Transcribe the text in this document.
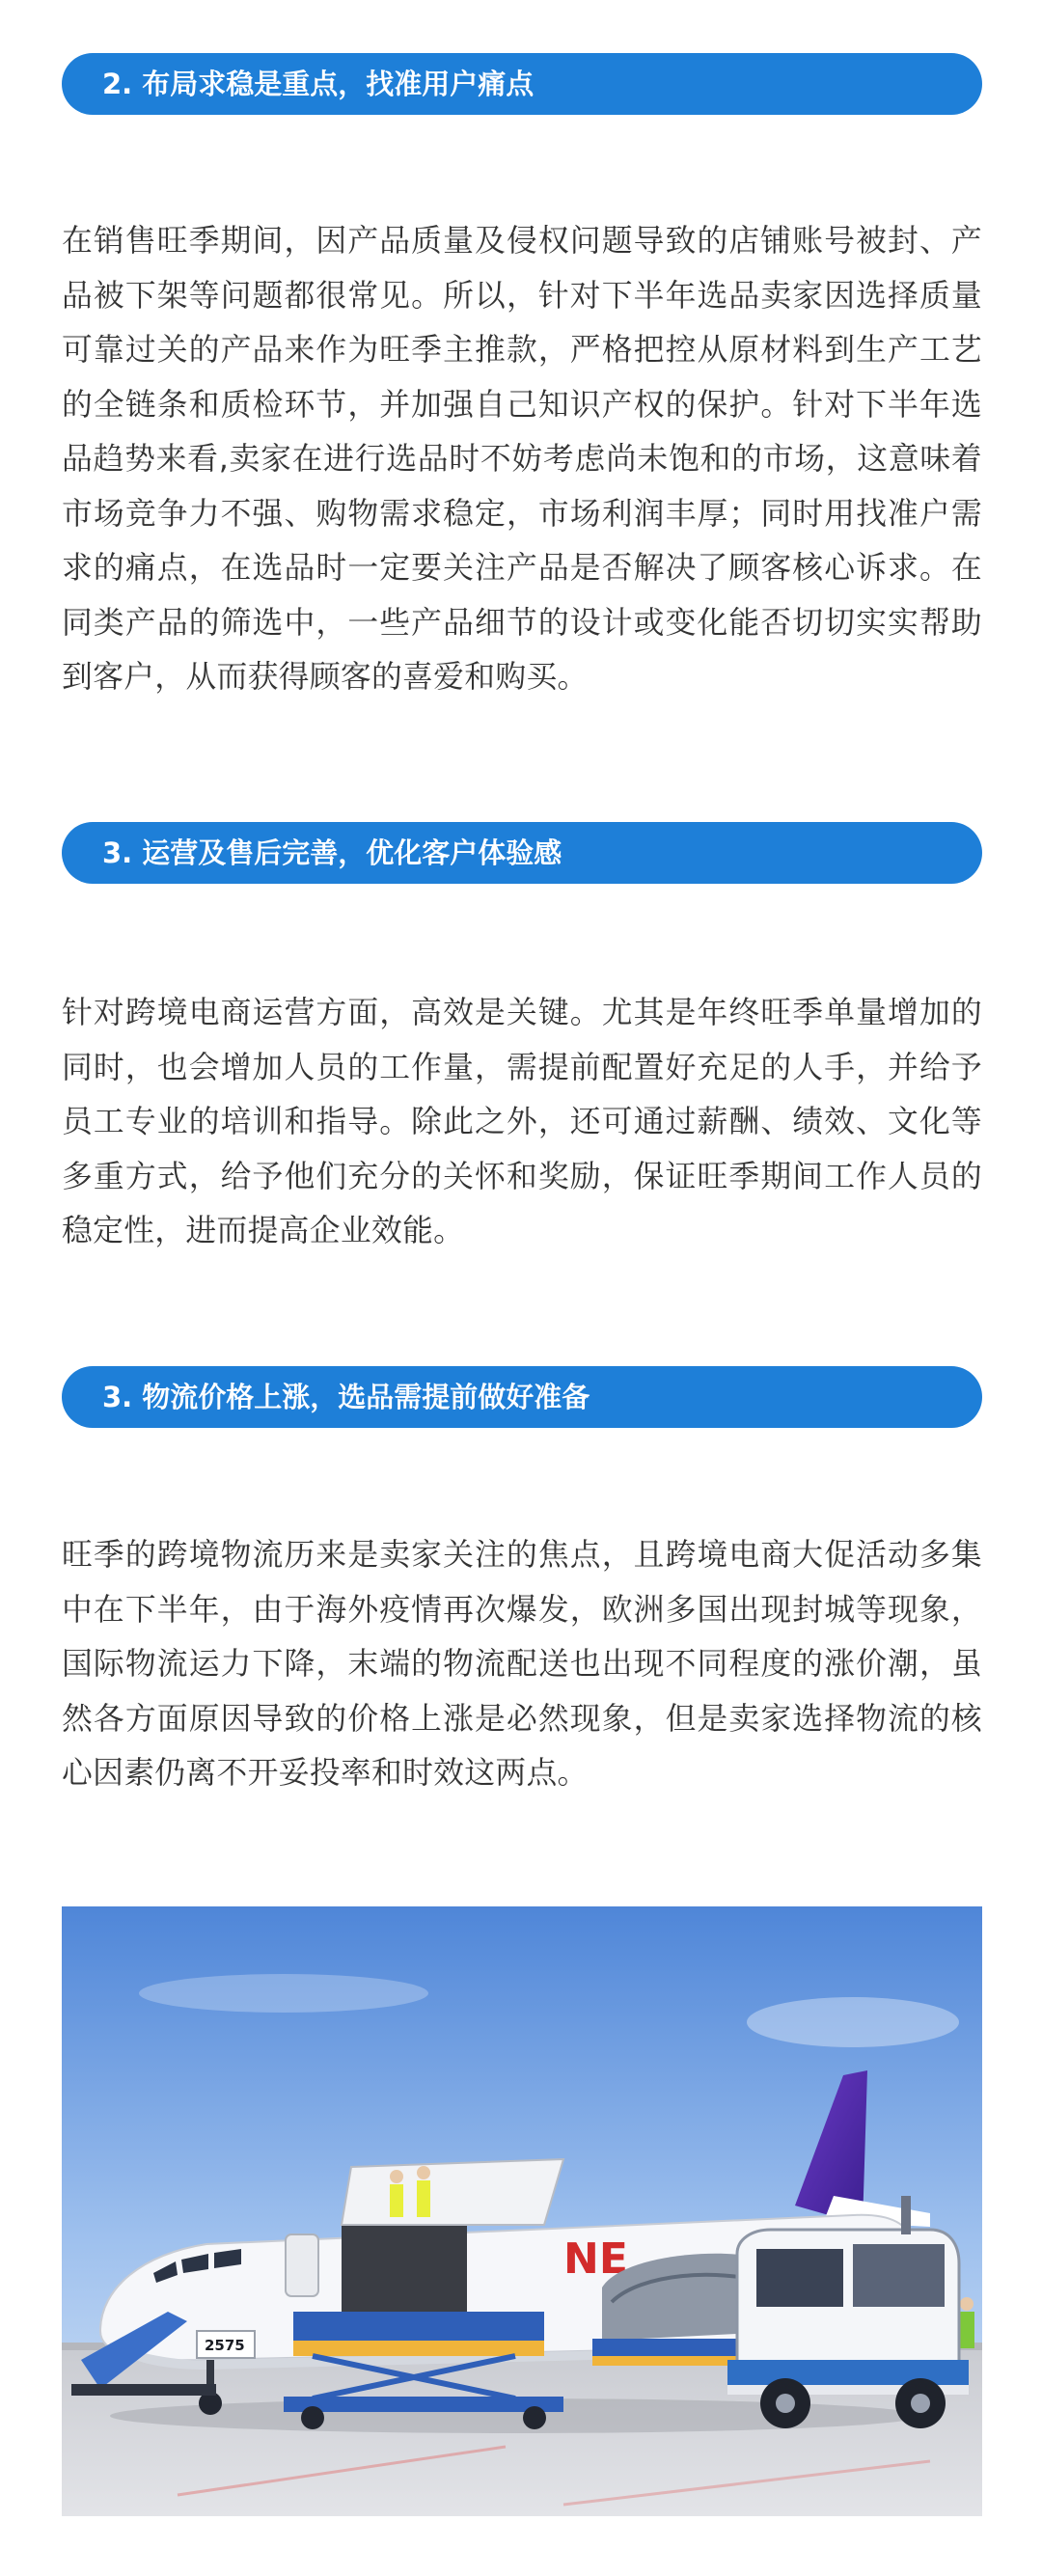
2. 布局求稳是重点，找准用户痛点

在销售旺季期间，因产品质量及侵权问题导致的店铺账号被封、产品被下架等问题都很常见。所以，针对下半年选品卖家因选择质量可靠过关的产品来作为旺季主推款，严格把控从原材料到生产工艺的全链条和质检环节，并加强自己知识产权的保护。针对下半年选品趋势来看,卖家在进行选品时不妨考虑尚未饱和的市场，这意味着市场竞争力不强、购物需求稳定，市场利润丰厚；同时用找准户需求的痛点，在选品时一定要关注产品是否解决了顾客核心诉求。在同类产品的筛选中，一些产品细节的设计或变化能否切切实实帮助到客户，从而获得顾客的喜爱和购买。

3. 运营及售后完善，优化客户体验感

针对跨境电商运营方面，高效是关键。尤其是年终旺季单量增加的同时，也会增加人员的工作量，需提前配置好充足的人手，并给予员工专业的培训和指导。除此之外，还可通过薪酬、绩效、文化等多重方式，给予他们充分的关怀和奖励，保证旺季期间工作人员的稳定性，进而提高企业效能。

3. 物流价格上涨，选品需提前做好准备

旺季的跨境物流历来是卖家关注的焦点，且跨境电商大促活动多集中在下半年，由于海外疫情再次爆发，欧洲多国出现封城等现象，国际物流运力下降，末端的物流配送也出现不同程度的涨价潮，虽然各方面原因导致的价格上涨是必然现象，但是卖家选择物流的核心因素仍离不开妥投率和时效这两点。

NE
2575
